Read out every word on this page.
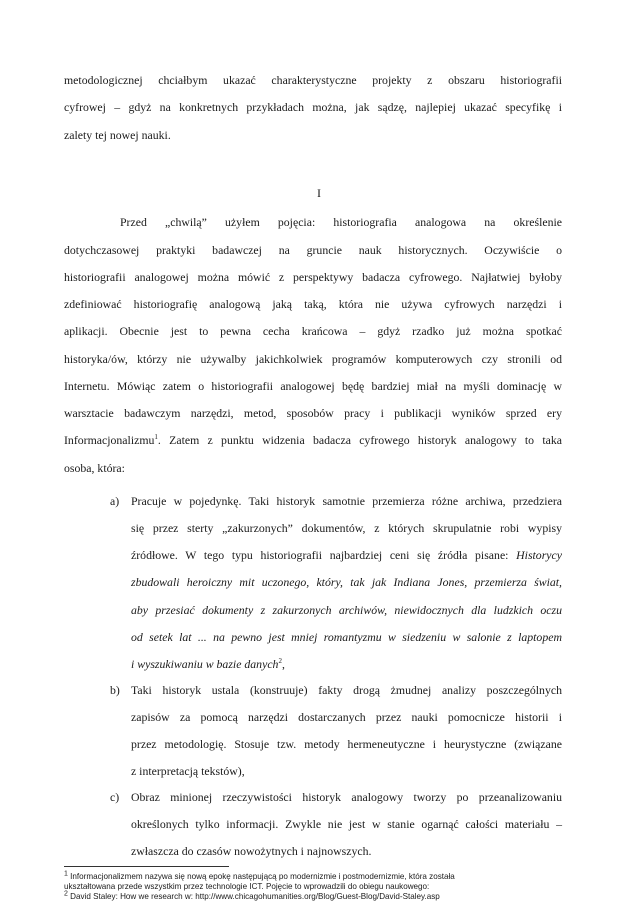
metodologicznej chciałbym ukazać charakterystyczne projekty z obszaru historiografii
cyfrowej – gdyż na konkretnych przykładach można, jak sądzę, najlepiej ukazać specyfikę i
zalety tej nowej nauki.
I
Przed „chwilą” użyłem pojęcia: historiografia analogowa na określenie
dotychczasowej praktyki badawczej na gruncie nauk historycznych. Oczywiście o
historiografii analogowej można mówić z perspektywy badacza cyfrowego. Najłatwiej byłoby
zdefiniować historiografię analogową jaką taką, która nie używa cyfrowych narzędzi i
aplikacji. Obecnie jest to pewna cecha krańcowa – gdyż rzadko już można spotkać
historyka/ów, którzy nie używalby jakichkolwiek programów komputerowych czy stronili od
Internetu. Mówiąc zatem o historiografii analogowej będę bardziej miał na myśli dominację w
warsztacie badawczym narzędzi, metod, sposobów pracy i publikacji wyników sprzed ery
Informacjonalizmu$^1$. Zatem z punktu widzenia badacza cyfrowego historyk analogowy to taka
osoba, która:
a) Pracuje w pojedynkę. Taki historyk samotnie przemierza różne archiwa, przedziera
się przez sterty „zakurzonych” dokumentów, z których skrupulatnie robi wypisy
źródłowe. W tego typu historiografii najbardziej ceni się źródła pisane: Historycy
zbudowali heroiczny mit uczonego, który, tak jak Indiana Jones, przemierza świat,
aby przesiać dokumenty z zakurzonych archiwów, niewidocznych dla ludzkich oczu
od setek lat ... na pewno jest mniej romantyzmu w siedzeniu w salonie z laptopem
i wyszukiwaniu w bazie danych$^2$,
b) Taki historyk ustala (konstruuje) fakty drogą żmudnej analizy poszczególnych
zapisów za pomocą narzędzi dostarczanych przez nauki pomocnicze historii i
przez metodologię. Stosuje tzw. metody hermeneutyczne i heurystyczne (związane
z interpretacją tekstów),
c) Obraz minionej rzeczywistości historyk analogowy tworzy po przeanalizowaniu
określonych tylko informacji. Zwykle nie jest w stanie ogarnąć całości materiału –
zwłaszcza do czasów nowożytnych i najnowszych.
$^1$ Informacjonalizmem nazywa się nową epokę następującą po modernizmie i postmodernizmie, która została
ukształtowana przede wszystkim przez technologie ICT. Pojęcie to wprowadzili do obiegu naukowego:
$^2$ David Staley: How we research w: http://www.chicagohumanities.org/Blog/Guest-Blog/David-Staley.asp
